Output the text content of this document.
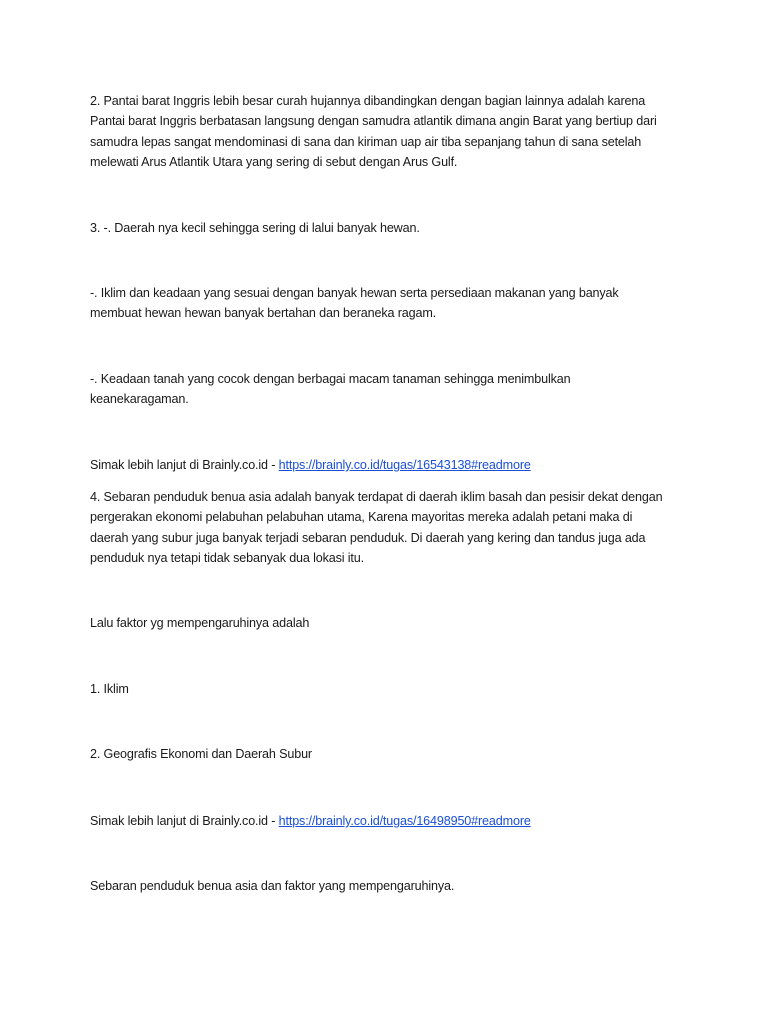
2. Pantai barat Inggris lebih besar curah hujannya dibandingkan dengan bagian lainnya adalah karena
Pantai barat Inggris berbatasan langsung dengan samudra atlantik dimana angin Barat yang bertiup dari
samudra lepas sangat mendominasi di sana dan kiriman uap air tiba sepanjang tahun di sana setelah
melewati Arus Atlantik Utara yang sering di sebut dengan Arus Gulf.

3. -. Daerah nya kecil sehingga sering di lalui banyak hewan.

-. Iklim dan keadaan yang sesuai dengan banyak hewan serta persediaan makanan yang banyak
membuat hewan hewan banyak bertahan dan beraneka ragam.

-. Keadaan tanah yang cocok dengan berbagai macam tanaman sehingga menimbulkan
keanekaragaman.

Simak lebih lanjut di Brainly.co.id - https://brainly.co.id/tugas/16543138#readmore

4. Sebaran penduduk benua asia adalah banyak terdapat di daerah iklim basah dan pesisir dekat dengan
pergerakan ekonomi pelabuhan pelabuhan utama, Karena mayoritas mereka adalah petani maka di
daerah yang subur juga banyak terjadi sebaran penduduk. Di daerah yang kering dan tandus juga ada
penduduk nya tetapi tidak sebanyak dua lokasi itu.

Lalu faktor yg mempengaruhinya adalah

1. Iklim

2. Geografis Ekonomi dan Daerah Subur

Simak lebih lanjut di Brainly.co.id - https://brainly.co.id/tugas/16498950#readmore

Sebaran penduduk benua asia dan faktor yang mempengaruhinya.
